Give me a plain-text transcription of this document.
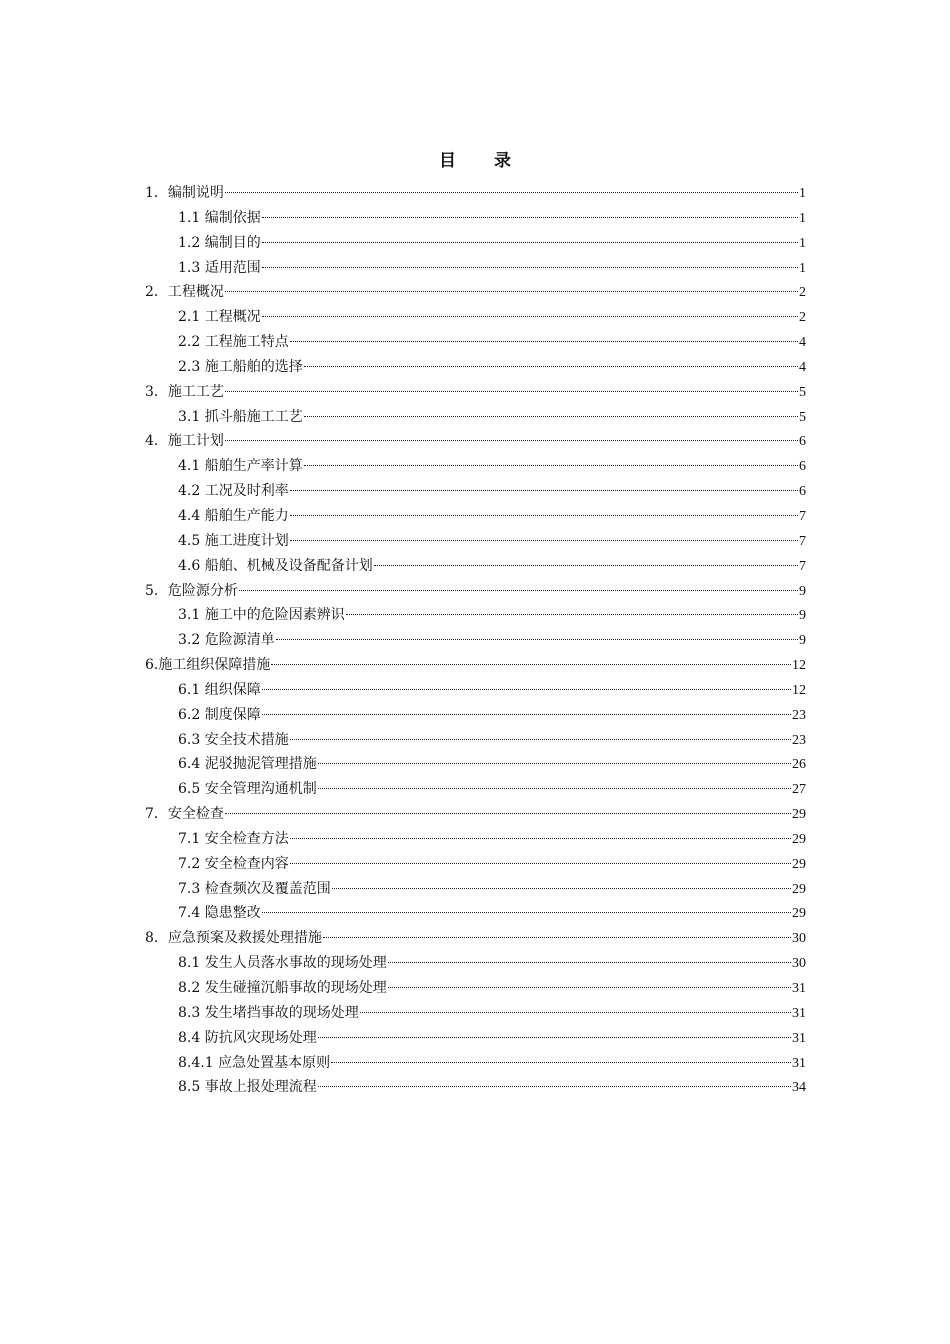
目 录
1．编制说明	1
1.1 编制依据	1
1.2 编制目的	1
1.3 适用范围	1
2．工程概况	2
2.1 工程概况	2
2.2 工程施工特点	4
2.3 施工船舶的选择	4
3．施工工艺	5
3.1 抓斗船施工工艺	5
4．施工计划	6
4.1 船舶生产率计算	6
4.2 工况及时利率	6
4.4 船舶生产能力	7
4.5 施工进度计划	7
4.6 船舶、机械及设备配备计划	7
5．危险源分析	9
3.1 施工中的危险因素辨识	9
3.2 危险源清单	9
6.施工组织保障措施	12
6.1 组织保障	12
6.2 制度保障	23
6.3 安全技术措施	23
6.4 泥驳抛泥管理措施	26
6.5 安全管理沟通机制	27
7．安全检查	29
7.1 安全检查方法	29
7.2 安全检查内容	29
7.3 检查频次及覆盖范围	29
7.4 隐患整改	29
8．应急预案及救援处理措施	30
8.1 发生人员落水事故的现场处理	30
8.2 发生碰撞沉船事故的现场处理	31
8.3 发生堵挡事故的现场处理	31
8.4 防抗风灾现场处理	31
8.4.1 应急处置基本原则	31
8.5 事故上报处理流程	34
